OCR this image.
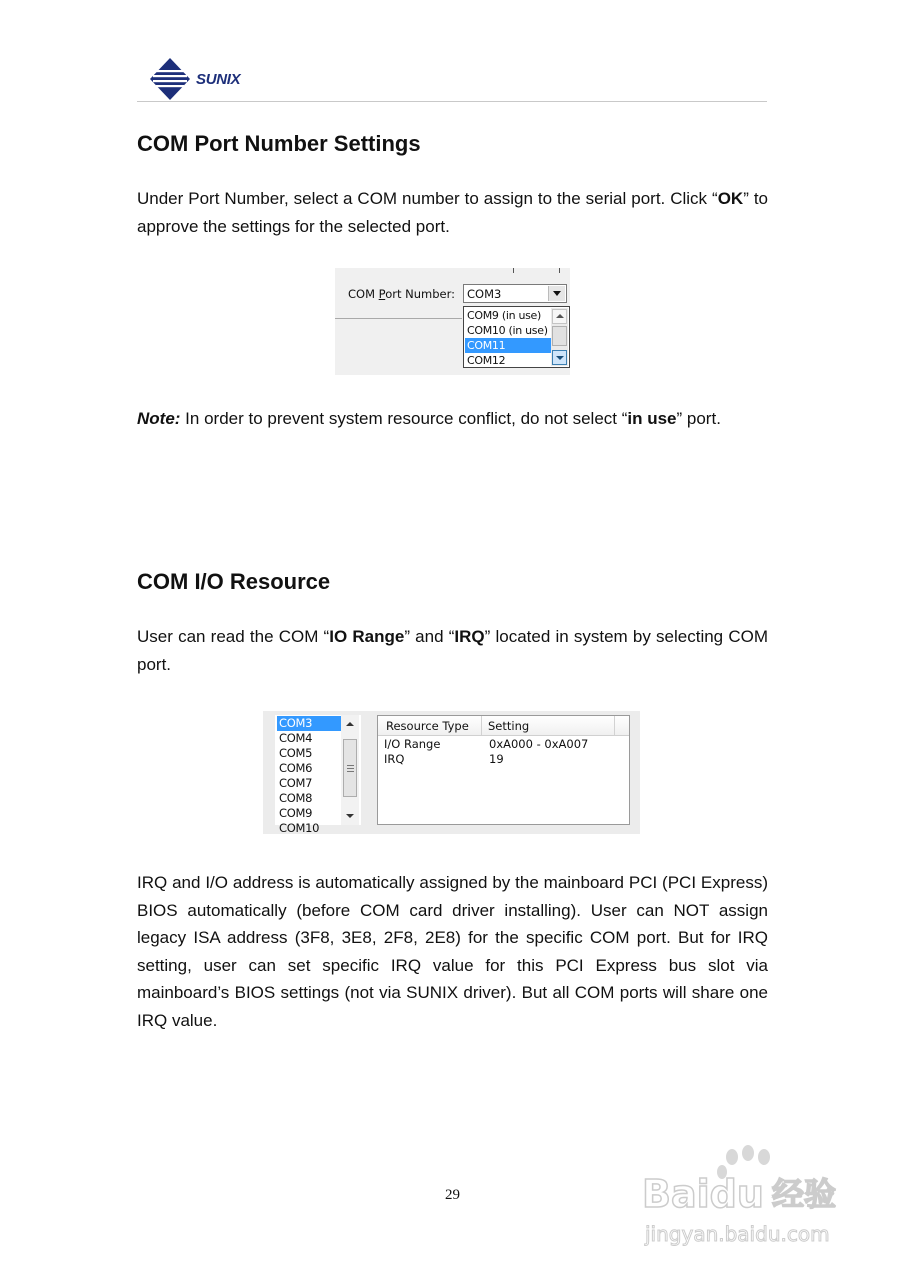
SUNIX
COM Port Number Settings

Under Port Number, select a COM number to assign to the serial port. Click “OK” to approve the settings for the selected port.

COM Port Number: COM3
COM9 (in use)
COM10 (in use)
COM11
COM12
Note: In order to prevent system resource conflict, do not select “in use” port.
COM I/O Resource

User can read the COM “IO Range” and “IRQ” located in system by selecting COM port.

COM3
COM4
COM5
COM6
COM7
COM8
COM9
COM10
Resource Type Setting
I/O Range	0xA000 - 0xA007
IRQ	19

IRQ and I/O address is automatically assigned by the mainboard PCI (PCI Express) BIOS automatically (before COM card driver installing). User can NOT assign legacy ISA address (3F8, 3E8, 2F8, 2E8) for the specific COM port. But for IRQ setting, user can set specific IRQ value for this PCI Express bus slot via mainboard’s BIOS settings (not via SUNIX driver). But all COM ports will share one IRQ value.

29	Baidu 经验
jingyan.baidu.com
